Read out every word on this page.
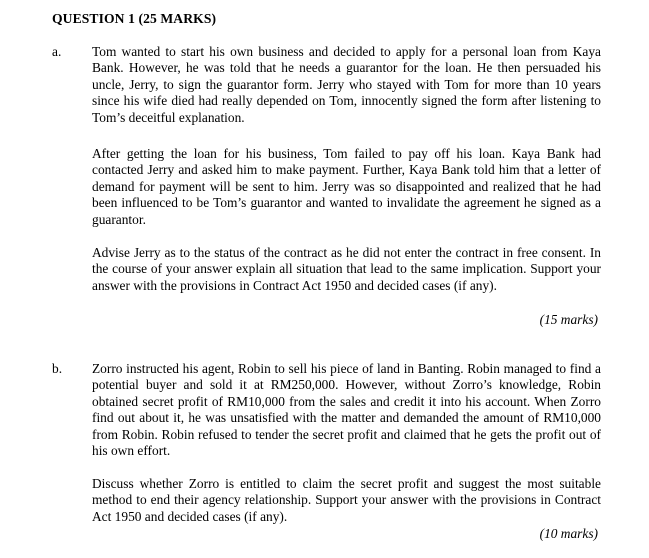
QUESTION 1 (25 MARKS)
a. Tom wanted to start his own business and decided to apply for a personal loan from Kaya Bank. However, he was told that he needs a guarantor for the loan. He then persuaded his uncle, Jerry, to sign the guarantor form. Jerry who stayed with Tom for more than 10 years since his wife died had really depended on Tom, innocently signed the form after listening to Tom’s deceitful explanation.

After getting the loan for his business, Tom failed to pay off his loan. Kaya Bank had contacted Jerry and asked him to make payment. Further, Kaya Bank told him that a letter of demand for payment will be sent to him. Jerry was so disappointed and realized that he had been influenced to be Tom’s guarantor and wanted to invalidate the agreement he signed as a guarantor.

Advise Jerry as to the status of the contract as he did not enter the contract in free consent. In the course of your answer explain all situation that lead to the same implication. Support your answer with the provisions in Contract Act 1950 and decided cases (if any).

(15 marks)
b. Zorro instructed his agent, Robin to sell his piece of land in Banting. Robin managed to find a potential buyer and sold it at RM250,000. However, without Zorro’s knowledge, Robin obtained secret profit of RM10,000 from the sales and credit it into his account. When Zorro find out about it, he was unsatisfied with the matter and demanded the amount of RM10,000 from Robin. Robin refused to tender the secret profit and claimed that he gets the profit out of his own effort.

Discuss whether Zorro is entitled to claim the secret profit and suggest the most suitable method to end their agency relationship. Support your answer with the provisions in Contract Act 1950 and decided cases (if any).

(10 marks)
